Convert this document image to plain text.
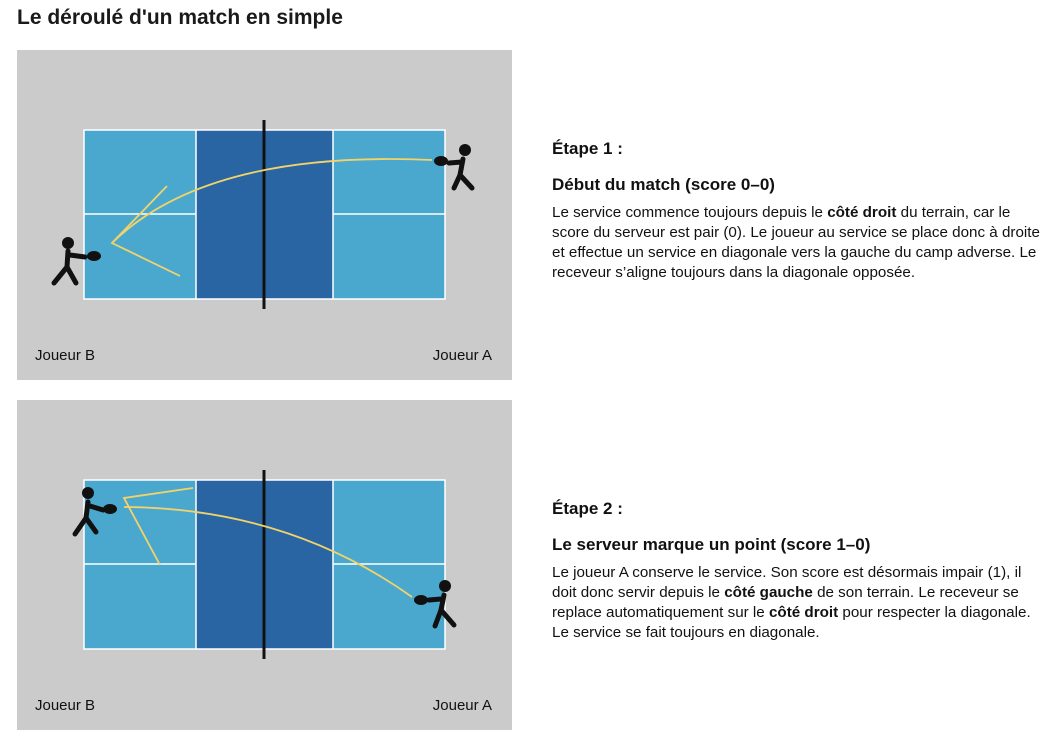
Le déroulé d'un match en simple
Joueur B	Joueur A
Joueur B	Joueur A

Étape 1 :

Début du match (score 0–0)

Le service commence toujours depuis le côté droit du terrain, car le score du serveur est pair (0). Le joueur au service se place donc à droite et effectue un service en diagonale vers la gauche du camp adverse. Le receveur s’aligne toujours dans la diagonale opposée.

Étape 2 :

Le serveur marque un point (score 1–0)

Le joueur A conserve le service. Son score est désormais impair (1), il doit donc servir depuis le côté gauche de son terrain. Le receveur se replace automatiquement sur le côté droit pour respecter la diagonale. Le service se fait toujours en diagonale.
